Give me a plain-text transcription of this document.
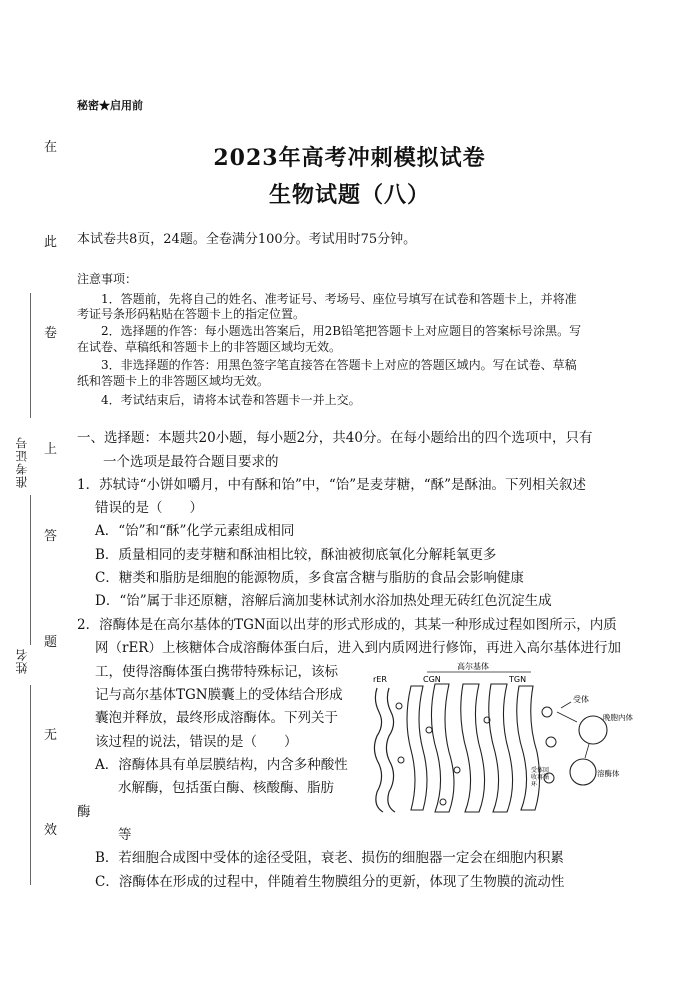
在
此
卷
上
答
题
无
效
准考证号
姓名
秘密★启用前
2023年高考冲刺模拟试卷
生物试题（八）
本试卷共8页，24题。全卷满分100分。考试用时75分钟。
注意事项：
1．答题前，先将自己的姓名、准考证号、考场号、座位号填写在试卷和答题卡上，并将准
考证号条形码粘贴在答题卡上的指定位置。
2．选择题的作答：每小题选出答案后，用2B铅笔把答题卡上对应题目的答案标号涂黑。写
在试卷、草稿纸和答题卡上的非答题区域均无效。
3．非选择题的作答：用黑色签字笔直接答在答题卡上对应的答题区域内。写在试卷、草稿
纸和答题卡上的非答题区域均无效。
4．考试结束后，请将本试卷和答题卡一并上交。
一、选择题：本题共20小题，每小题2分，共40分。在每小题给出的四个选项中，只有
一个选项是最符合题目要求的
1．苏轼诗“小饼如嚼月，中有酥和饴”中，“饴”是麦芽糖，“酥”是酥油。下列相关叙述
错误的是（　　）
A．“饴”和“酥”化学元素组成相同
B．质量相同的麦芽糖和酥油相比较，酥油被彻底氧化分解耗氧更多
C．糖类和脂肪是细胞的能源物质，多食富含糖与脂肪的食品会影响健康
D．“饴”属于非还原糖，溶解后滴加斐林试剂水浴加热处理无砖红色沉淀生成
2．溶酶体是在高尔基体的TGN面以出芽的形式形成的，其某一种形成过程如图所示，内质
网（rER）上核糖体合成溶酶体蛋白后，进入到内质网进行修饰，再进入高尔基体进行加
工，使得溶酶体蛋白携带特殊标记，该标
记与高尔基体TGN膜囊上的受体结合形成
囊泡并释放，最终形成溶酶体。下列关于
该过程的说法，错误的是（　　）
A．溶酶体具有单层膜结构，内含多种酸性
水解酶，包括蛋白酶、核酸酶、脂肪
酶
等
B．若细胞合成图中受体的途径受阻，衰老、损伤的细胞器一定会在细胞内积累
C．溶酶体在形成的过程中，伴随着生物膜组分的更新，体现了生物膜的流动性
高尔基体
rER	CGN	TGN
受体
晚胞内体
溶酶体
受体回
收再循
环
